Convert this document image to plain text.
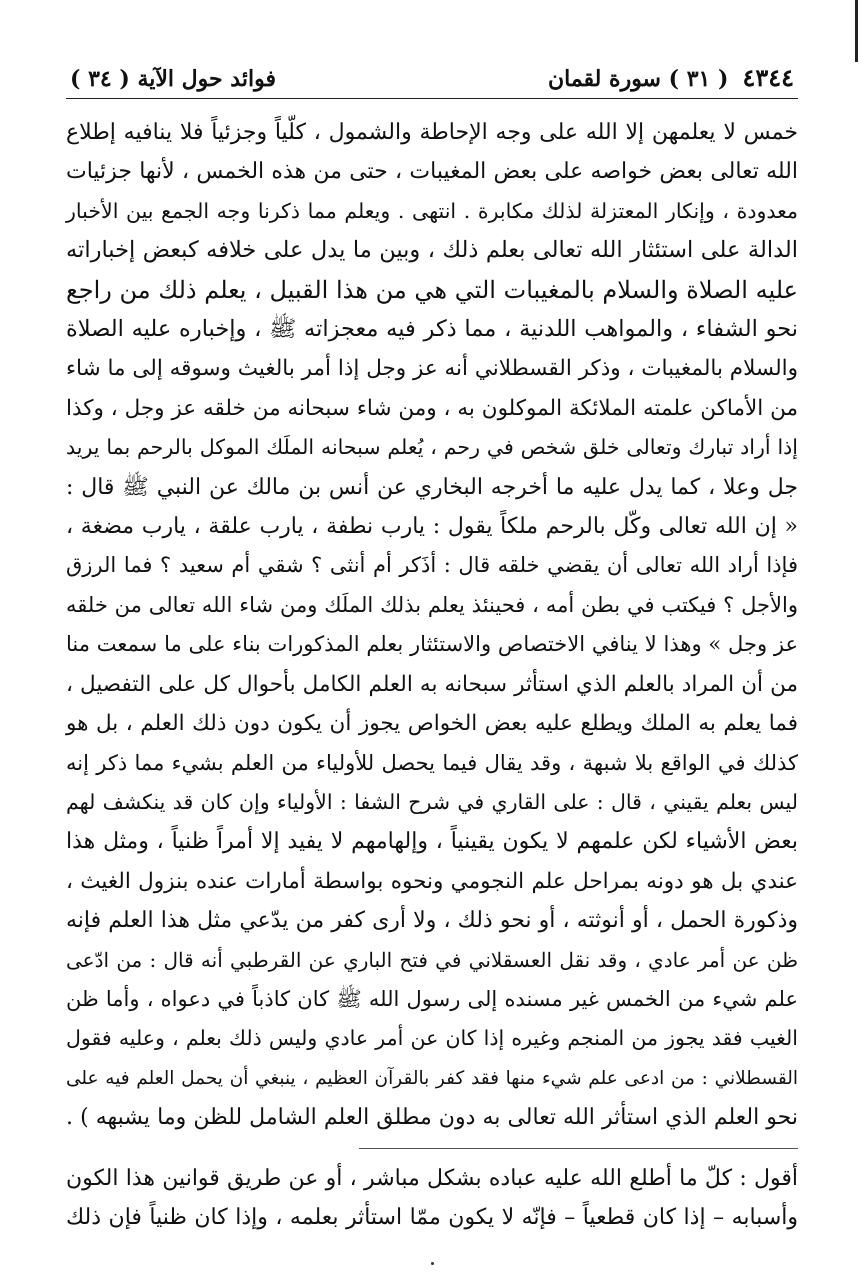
٤٣٤٤
( ٣١ ) سورة لقمان
فوائد حول الآية ( ٣٤ )

خمس لا يعلمهن إلا الله على وجه الإحاطة والشمول ، كلّياً وجزئياً فلا ينافيه إطلاع
الله تعالى بعض خواصه على بعض المغيبات ، حتى من هذه الخمس ، لأنها جزئيات
معدودة ، وإنكار المعتزلة لذلك مكابرة . انتهى . ويعلم مما ذكرنا وجه الجمع بين الأخبار
الدالة على استئثار الله تعالى بعلم ذلك ، وبين ما يدل على خلافه كبعض إخباراته
عليه الصلاة والسلام بالمغيبات التي هي من هذا القبيل ، يعلم ذلك من راجع
نحو الشفاء ، والمواهب اللدنية ، مما ذكر فيه معجزاته ﷺ ، وإخباره عليه الصلاة
والسلام بالمغيبات ، وذكر القسطلاني أنه عز وجل إذا أمر بالغيث وسوقه إلى ما شاء
من الأماكن علمته الملائكة الموكلون به ، ومن شاء سبحانه من خلقه عز وجل ، وكذا
إذا أراد تبارك وتعالى خلق شخص في رحم ، يُعلم سبحانه الملَك الموكل بالرحم بما يريد
جل وعلا ، كما يدل عليه ما أخرجه البخاري عن أنس بن مالك عن النبي ﷺ قال :
« إن الله تعالى وكّل بالرحم ملكاً يقول : يارب نطفة ، يارب علقة ، يارب مضغة ،
فإذا أراد الله تعالى أن يقضي خلقه قال : أذَكر أم أنثى ؟ شقي أم سعيد ؟ فما الرزق
والأجل ؟ فيكتب في بطن أمه ، فحينئذ يعلم بذلك الملَك ومن شاء الله تعالى من خلقه
عز وجل » وهذا لا ينافي الاختصاص والاستئثار بعلم المذكورات بناء على ما سمعت منا
من أن المراد بالعلم الذي استأثر سبحانه به العلم الكامل بأحوال كل على التفصيل ،
فما يعلم به الملك ويطلع عليه بعض الخواص يجوز أن يكون دون ذلك العلم ، بل هو
كذلك في الواقع بلا شبهة ، وقد يقال فيما يحصل للأولياء من العلم بشيء مما ذكر إنه
ليس بعلم يقيني ، قال : على القاري في شرح الشفا : الأولياء وإن كان قد ينكشف لهم
بعض الأشياء لكن علمهم لا يكون يقينياً ، وإلهامهم لا يفيد إلا أمراً ظنياً ، ومثل هذا
عندي بل هو دونه بمراحل علم النجومي ونحوه بواسطة أمارات عنده بنزول الغيث ،
وذكورة الحمل ، أو أنوثته ، أو نحو ذلك ، ولا أرى كفر من يدّعي مثل هذا العلم فإنه
ظن عن أمر عادي ، وقد نقل العسقلاني في فتح الباري عن القرطبي أنه قال : من ادّعى
علم شيء من الخمس غير مسنده إلى رسول الله ﷺ كان كاذباً في دعواه ، وأما ظن
الغيب فقد يجوز من المنجم وغيره إذا كان عن أمر عادي وليس ذلك بعلم ، وعليه فقول
القسطلاني : من ادعى علم شيء منها فقد كفر بالقرآن العظيم ، ينبغي أن يحمل العلم فيه على
نحو العلم الذي استأثر الله تعالى به دون مطلق العلم الشامل للظن وما يشبهه ) .

أقول : كلّ ما أطلع الله عليه عباده بشكل مباشر ، أو عن طريق قوانين هذا الكون
وأسبابه – إذا كان قطعياً – فإنّه لا يكون ممّا استأثر بعلمه ، وإذا كان ظنياً فإن ذلك
